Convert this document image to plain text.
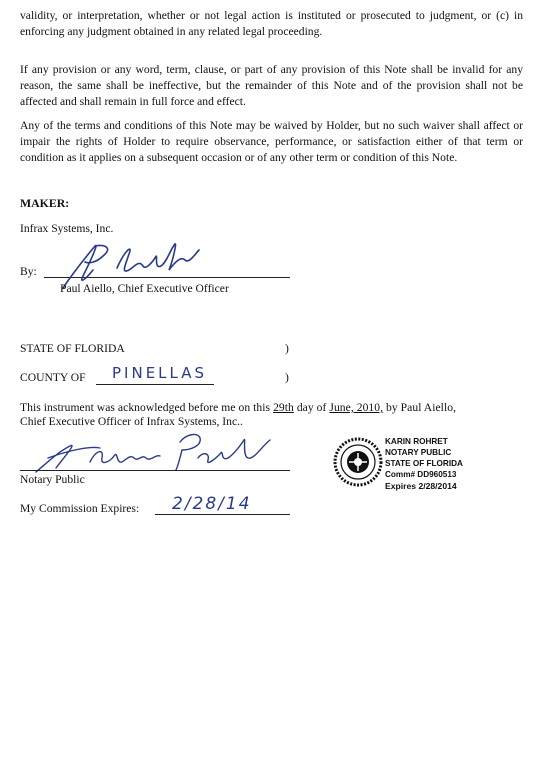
validity, or interpretation, whether or not legal action is instituted or prosecuted to judgment, or (c) in enforcing any judgment obtained in any related legal proceeding.

If any provision or any word, term, clause, or part of any provision of this Note shall be invalid for any reason, the same shall be ineffective, but the remainder of this Note and of the provision shall not be affected and shall remain in full force and effect.

Any of the terms and conditions of this Note may be waived by Holder, but no such waiver shall affect or impair the rights of Holder to require observance, performance, or satisfaction either of that term or condition as it applies on a subsequent occasion or of any other term or condition of this Note.

MAKER:
Infrax Systems, Inc.
By:
Paul Aiello, Chief Executive Officer
STATE OF FLORIDA	)
COUNTY OF PINELLAS	)
This instrument was acknowledged before me on this 29th day of June, 2010, by Paul Aiello,
Chief Executive Officer of Infrax Systems, Inc..
Notary Public
My Commission Expires: 2/28/14
KARIN ROHRET
NOTARY PUBLIC
STATE OF FLORIDA
Comm# DD960513
Expires 2/28/2014
